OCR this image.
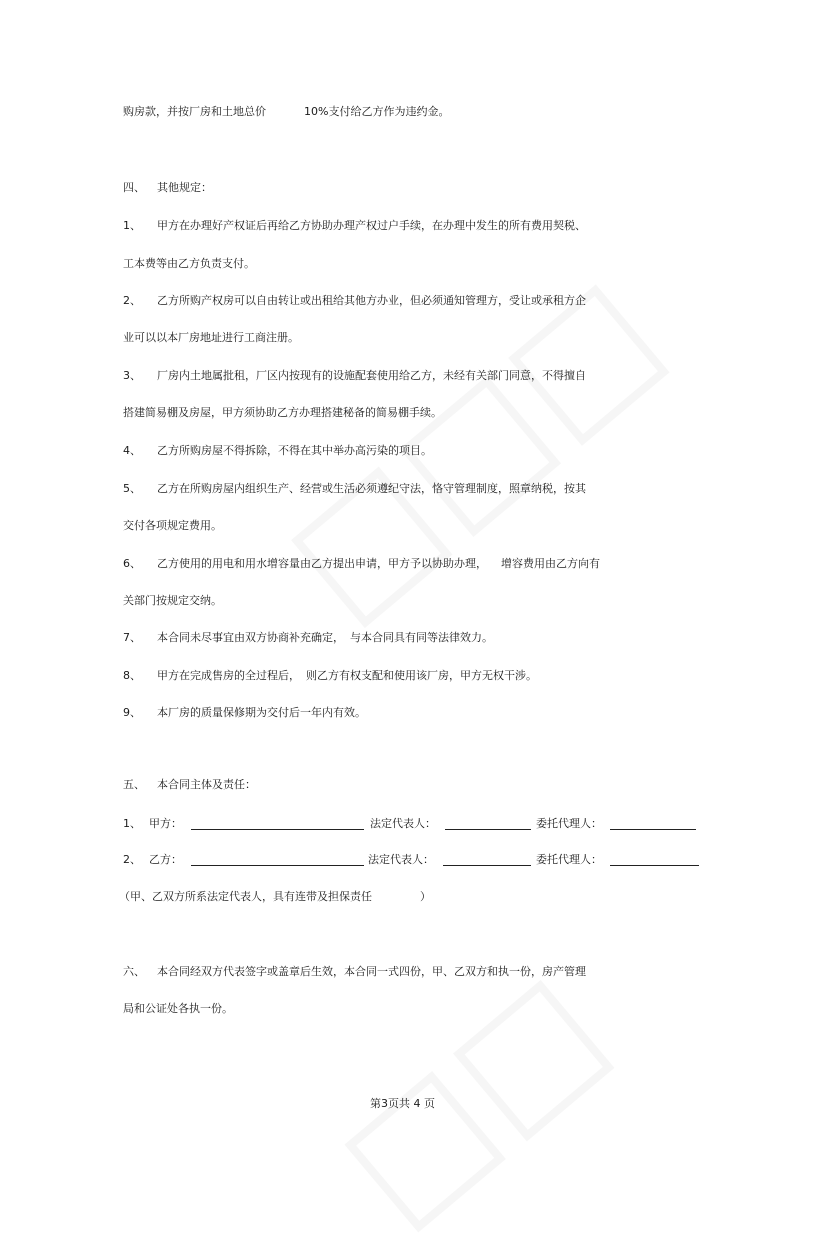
购房款，并按厂房和土地总价	10%支付给乙方作为违约金。
四、 其他规定：
1、 甲方在办理好产权证后再给乙方协助办理产权过户手续，在办理中发生的所有费用契税、
工本费等由乙方负责支付。
2、 乙方所购产权房可以自由转让或出租给其他方办业，但必须通知管理方，受让或承租方企
业可以以本厂房地址进行工商注册。
3、 厂房内土地属批租，厂区内按现有的设施配套使用给乙方，未经有关部门同意，不得擅自
搭建简易棚及房屋，甲方须协助乙方办理搭建秘备的简易棚手续。
4、 乙方所购房屋不得拆除，不得在其中举办高污染的项目。
5、 乙方在所购房屋内组织生产、经营或生活必须遵纪守法，恪守管理制度，照章纳税，按其
交付各项规定费用。
6、 乙方使用的用电和用水增容量由乙方提出申请，甲方予以协助办理， 增容费用由乙方向有
关部门按规定交纳。
7、 本合同未尽事宜由双方协商补充确定， 与本合同具有同等法律效力。
8、 甲方在完成售房的全过程后， 则乙方有权支配和使用该厂房，甲方无权干涉。
9、 本厂房的质量保修期为交付后一年内有效。
五、 本合同主体及责任：
1、 甲方：	法定代表人：	委托代理人：
2、 乙方：	法定代表人：	委托代理人：
（甲、乙双方所系法定代表人，具有连带及担保责任	）
六、 本合同经双方代表签字或盖章后生效，本合同一式四份，甲、乙双方和执一份，房产管理
局和公证处各执一份。
第3页共 4 页
